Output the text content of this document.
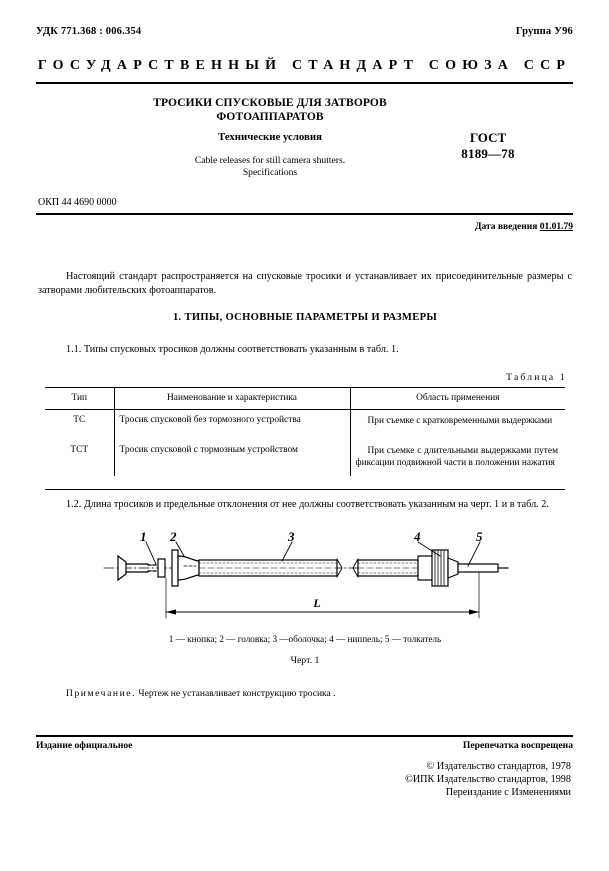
УДК 771.368 : 006.354	Группа У96
ГОСУДАРСТВЕННЫЙ СТАНДАРТ СОЮЗА ССР
ТРОСИКИ СПУСКОВЫЕ ДЛЯ ЗАТВОРОВ
ФОТОАППАРАТОВ
Технические условия
Cable releases for still camera shutters.
Specifications
ГОСТ
8189—78
ОКП 44 4690 0000
Дата введения 01.01.79
Настоящий стандарт распространяется на спусковые тросики и устанавливает их присоединительные размеры с затворами любительских фотоаппаратов.
1. ТИПЫ, ОСНОВНЫЕ ПАРАМЕТРЫ И РАЗМЕРЫ
1.1. Типы спусковых тросиков должны соответствовать указанным в табл. 1.
Таблица 1
Тип	Наименование и характеристика	Область применения
ТС	Тросик спусковой без тормозного устройства	При съемке с кратковременными выдержками

ТСТ	Тросик спусковой с тормозным устройством	При съемке с длительными выдержками путем фиксации подвижной части в положении нажатия
1.2. Длина тросиков и предельные отклонения от нее должны соответствовать указанным на черт. 1 и в табл. 2.
1 2	3	4	5
L
1 — кнопка; 2 — головка; 3 —оболочка; 4 — ниппель; 5 — толкатель
Черт. 1
Примечание. Чертеж не устанавливает конструкцию тросика .
Издание официальное	Перепечатка воспрещена
© Издательство стандартов, 1978
©ИПК Издательство стандартов, 1998
Переиздание с Изменениями
